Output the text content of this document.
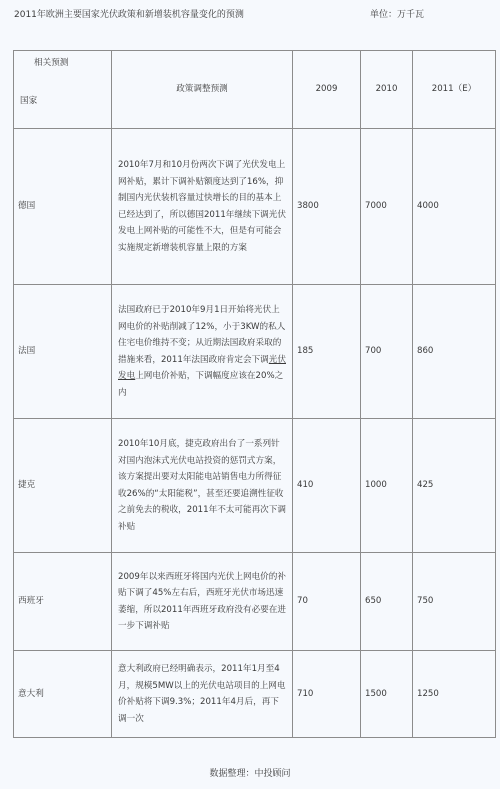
2011年欧洲主要国家光伏政策和新增装机容量变化的预测	单位：万千瓦
相关预测
国家	政策调整预测	2009	2010	2011（E）
德国	2010年7月和10月份两次下调了光伏发电上网补贴，累计下调补贴额度达到了16%，抑制国内光伏装机容量过快增长的目的基本上已经达到了，所以德国2011年继续下调光伏发电上网补贴的可能性不大，但是有可能会实施规定新增装机容量上限的方案	3800	7000	4000
法国	法国政府已于2010年9月1日开始将光伏上网电价的补贴削减了12%，小于3KW的私人住宅电价维持不变；从近期法国政府采取的措施来看，2011年法国政府肯定会下调光伏发电上网电价补贴，下调幅度应该在20%之内	185	700	860
捷克	2010年10月底，捷克政府出台了一系列针对国内泡沫式光伏电站投资的惩罚式方案，该方案提出要对太阳能电站销售电力所得征收26%的“太阳能税”，甚至还要追溯性征收之前免去的税收，2011年不太可能再次下调补贴	410	1000	425
西班牙	2009年以来西班牙将国内光伏上网电价的补贴下调了45%左右后，西班牙光伏市场迅速萎缩，所以2011年西班牙政府没有必要在进一步下调补贴	70	650	750
意大利	意大利政府已经明确表示，2011年1月至4月，规模5MW以上的光伏电站项目的上网电价补贴将下调9.3%；2011年4月后，再下调一次	710	1500	1250
数据整理：中投顾问
